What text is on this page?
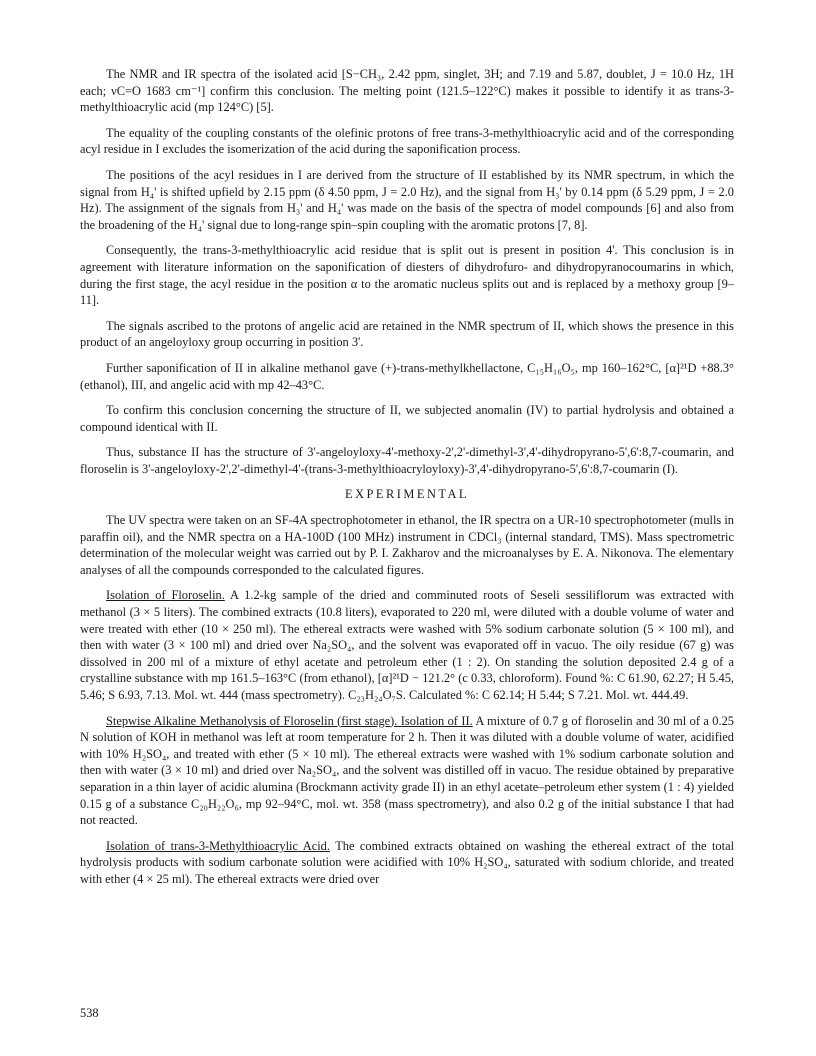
The NMR and IR spectra of the isolated acid [S−CH₃, 2.42 ppm, singlet, 3H; and 7.19 and 5.87, doublet, J = 10.0 Hz, 1H each; νC=O 1683 cm⁻¹] confirm this conclusion. The melting point (121.5–122°C) makes it possible to identify it as trans-3-methylthioacrylic acid (mp 124°C) [5].

The equality of the coupling constants of the olefinic protons of free trans-3-methylthioacrylic acid and of the corresponding acyl residue in I excludes the isomerization of the acid during the saponification process.

The positions of the acyl residues in I are derived from the structure of II established by its NMR spectrum, in which the signal from H₄' is shifted upfield by 2.15 ppm (δ 4.50 ppm, J = 2.0 Hz), and the signal from H₃' by 0.14 ppm (δ 5.29 ppm, J = 2.0 Hz). The assignment of the signals from H₃' and H₄' was made on the basis of the spectra of model compounds [6] and also from the broadening of the H₄' signal due to long-range spin–spin coupling with the aromatic protons [7, 8].

Consequently, the trans-3-methylthioacrylic acid residue that is split out is present in position 4'. This conclusion is in agreement with literature information on the saponification of diesters of dihydrofuro- and dihydropyranocoumarins in which, during the first stage, the acyl residue in the position α to the aromatic nucleus splits out and is replaced by a methoxy group [9–11].

The signals ascribed to the protons of angelic acid are retained in the NMR spectrum of II, which shows the presence in this product of an angeloyloxy group occurring in position 3'.

Further saponification of II in alkaline methanol gave (+)-trans-methylkhellactone, C₁₅H₁₆O₅, mp 160–162°C, [α]²¹D +88.3° (ethanol), III, and angelic acid with mp 42–43°C.

To confirm this conclusion concerning the structure of II, we subjected anomalin (IV) to partial hydrolysis and obtained a compound identical with II.

Thus, substance II has the structure of 3'-angeloyloxy-4'-methoxy-2',2'-dimethyl-3',4'-dihydropyrano-5',6':8,7-coumarin, and floroselin is 3'-angeloyloxy-2',2'-dimethyl-4'-(trans-3-methylthioacryloyloxy)-3',4'-dihydropyrano-5',6':8,7-coumarin (I).

EXPERIMENTAL

The UV spectra were taken on an SF-4A spectrophotometer in ethanol, the IR spectra on a UR-10 spectrophotometer (mulls in paraffin oil), and the NMR spectra on a HA-100D (100 MHz) instrument in CDCl₃ (internal standard, TMS). Mass spectrometric determination of the molecular weight was carried out by P. I. Zakharov and the microanalyses by E. A. Nikonova. The elementary analyses of all the compounds corresponded to the calculated figures.

Isolation of Floroselin. A 1.2-kg sample of the dried and comminuted roots of Seseli sessiliflorum was extracted with methanol (3 × 5 liters). The combined extracts (10.8 liters), evaporated to 220 ml, were diluted with a double volume of water and were treated with ether (10 × 250 ml). The ethereal extracts were washed with 5% sodium carbonate solution (5 × 100 ml), and then with water (3 × 100 ml) and dried over Na₂SO₄, and the solvent was evaporated off in vacuo. The oily residue (67 g) was dissolved in 200 ml of a mixture of ethyl acetate and petroleum ether (1 : 2). On standing the solution deposited 2.4 g of a crystalline substance with mp 161.5–163°C (from ethanol), [α]²¹D − 121.2° (c 0.33, chloroform). Found %: C 61.90, 62.27; H 5.45, 5.46; S 6.93, 7.13. Mol. wt. 444 (mass spectrometry). C₂₃H₂₄O₇S. Calculated %: C 62.14; H 5.44; S 7.21. Mol. wt. 444.49.

Stepwise Alkaline Methanolysis of Floroselin (first stage). Isolation of II. A mixture of 0.7 g of floroselin and 30 ml of a 0.25 N solution of KOH in methanol was left at room temperature for 2 h. Then it was diluted with a double volume of water, acidified with 10% H₂SO₄, and treated with ether (5 × 10 ml). The ethereal extracts were washed with 1% sodium carbonate solution and then with water (3 × 10 ml) and dried over Na₂SO₄, and the solvent was distilled off in vacuo. The residue obtained by preparative separation in a thin layer of acidic alumina (Brockmann activity grade II) in an ethyl acetate–petroleum ether system (1 : 4) yielded 0.15 g of a substance C₂₀H₂₂O₆, mp 92–94°C, mol. wt. 358 (mass spectrometry), and also 0.2 g of the initial substance I that had not reacted.

Isolation of trans-3-Methylthioacrylic Acid. The combined extracts obtained on washing the ethereal extract of the total hydrolysis products with sodium carbonate solution were acidified with 10% H₂SO₄, saturated with sodium chloride, and treated with ether (4 × 25 ml). The ethereal extracts were dried over

538
